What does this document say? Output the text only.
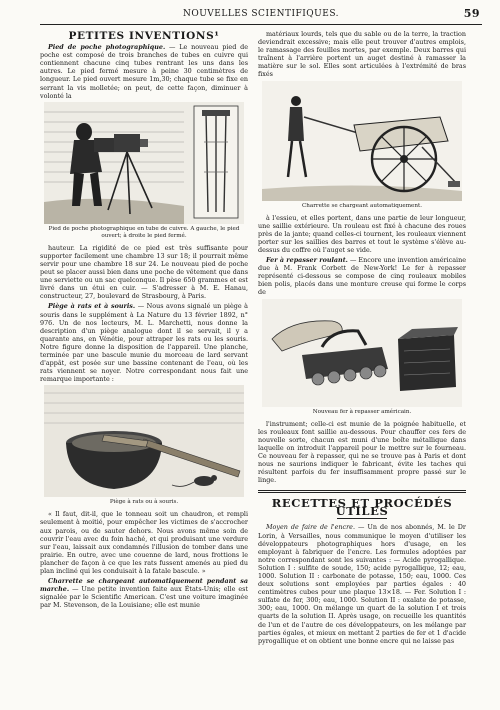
NOUVELLES SCIENTIFIQUES.	59
PETITES INVENTIONS¹

Pied de poche photographique. — Le nouveau pied de poche est composé de trois branches de tubes en cuivre qui contiennent chacune cinq tubes rentrant les uns dans les autres. Le pied fermé mesure à peine 30 centimètres de longueur. Le pied ouvert mesure 1m,30; chaque tube se fixe en serrant la vis molletée; on peut, de cette façon, diminuer à volonté la

Pied de poche photographique en tube de cuivre. A gauche, le pied ouvert; à droite le pied fermé.

hauteur. La rigidité de ce pied est très suffisante pour supporter facilement une chambre 13 sur 18; il pourrait même servir pour une chambre 18 sur 24. Le nouveau pied de poche peut se placer aussi bien dans une poche de vêtement que dans une serviette ou un sac quelconque. Il pèse 650 grammes et est livré dans un étui en cuir. — S'adresser à M. E. Hanau, constructeur, 27, boulevard de Strasbourg, à Paris.

Piège à rats et à souris. — Nous avons signalé un piège à souris dans le supplément à La Nature du 13 février 1892, n° 976. Un de nos lecteurs, M. L. Marchetti, nous donne la description d'un piège analogue dont il se servait, il y a quarante ans, en Vénétie, pour attraper les rats ou les souris. Notre figure donne la disposition de l'appareil. Une planche, terminée par une bascule munie du morceau de lard servant d'appât, est posée sur une bassine contenant de l'eau, où les rats viennent se noyer. Notre correspondant nous fait une remarque importante :

Piège à rats ou à souris.

« Il faut, dit-il, que le tonneau soit un chaudron, et rempli seulement à moitié, pour empêcher les victimes de s'accrocher aux parois, ou de sauter dehors. Nous avons même soin de couvrir l'eau avec du foin haché, et qui produisant une verdure sur l'eau, laissait aux condamnés l'illusion de tomber dans une prairie. En outre, avec une couenne de lard, nous frottions le plancher de façon à ce que les rats fussent amenés au pied du plan incliné qui les conduisait à la fatale bascule. »

Charrette se chargeant automatiquement pendant sa marche. — Une petite invention faite aux États-Unis; elle est signalée par le Scientific American. C'est une voiture imaginée par M. Stevenson, de la Louisiane; elle est munie

matériaux lourds, tels que du sable ou de la terre, la traction deviendrait excessive; mais elle peut trouver d'autres emplois, le ramassage des feuilles mortes, par exemple. Deux barres qui traînent à l'arrière portent un auget destiné à ramasser la matière sur le sol. Elles sont articulées à l'extrémité de bras fixés

Charrette se chargeant automatiquement.

à l'essieu, et elles portent, dans une partie de leur longueur, une saillie extérieure. Un rouleau est fixé à chacune des roues près de la jante; quand celles-ci tournent, les rouleaux viennent porter sur les saillies des barres et tout le système s'élève au-dessus du coffre où l'auget se vide.

Fer à repasser roulant. — Encore une invention américaine due à M. Frank Corbett de New-York! Le fer à repasser représenté ci-dessous se compose de cinq rouleaux mobiles bien polis, placés dans une monture creuse qui forme le corps de

Nouveau fer à repasser américain.

l'instrument; celle-ci est munie de la poignée habituelle, et les rouleaux font saillie au-dessous. Pour chauffer ces fers de nouvelle sorte, chacun est muni d'une boîte métallique dans laquelle on introduit l'appareil pour le mettre sur le fourneau. Ce nouveau fer à repasser, qui ne se trouve pas à Paris et dont nous ne saurions indiquer le fabricant, évite les taches qui résultent parfois du fer insuffisamment propre passé sur le linge.

RECETTES ET PROCÉDÉS UTILES

Moyen de faire de l'encre. — Un de nos abonnés, M. le Dr Lorin, à Versailles, nous communique le moyen d'utiliser les développateurs photographiques hors d'usage, en les employant à fabriquer de l'encre. Les formules adoptées par notre correspondant sont les suivantes : — Acide pyrogallique. Solution I : sulfite de soude, 150; acide pyrogallique, 12; eau, 1000. Solution II : carbonate de potasse, 150; eau, 1000. Ces deux solutions sont employées par parties égales : 40 centimètres cubes pour une plaque 13×18. — Fer. Solution I : sulfate de fer, 300; eau, 1000. Solution II : oxalate de potasse, 300; eau, 1000. On mélange un quart de la solution I et trois quarts de la solution II. Après usage, on recueille les quantités de l'un et de l'autre de ces développateurs, on les mélange par parties égales, et mieux en mettant 2 parties de fer et 1 d'acide pyrogallique et on obtient une bonne encre qui ne laisse pas
